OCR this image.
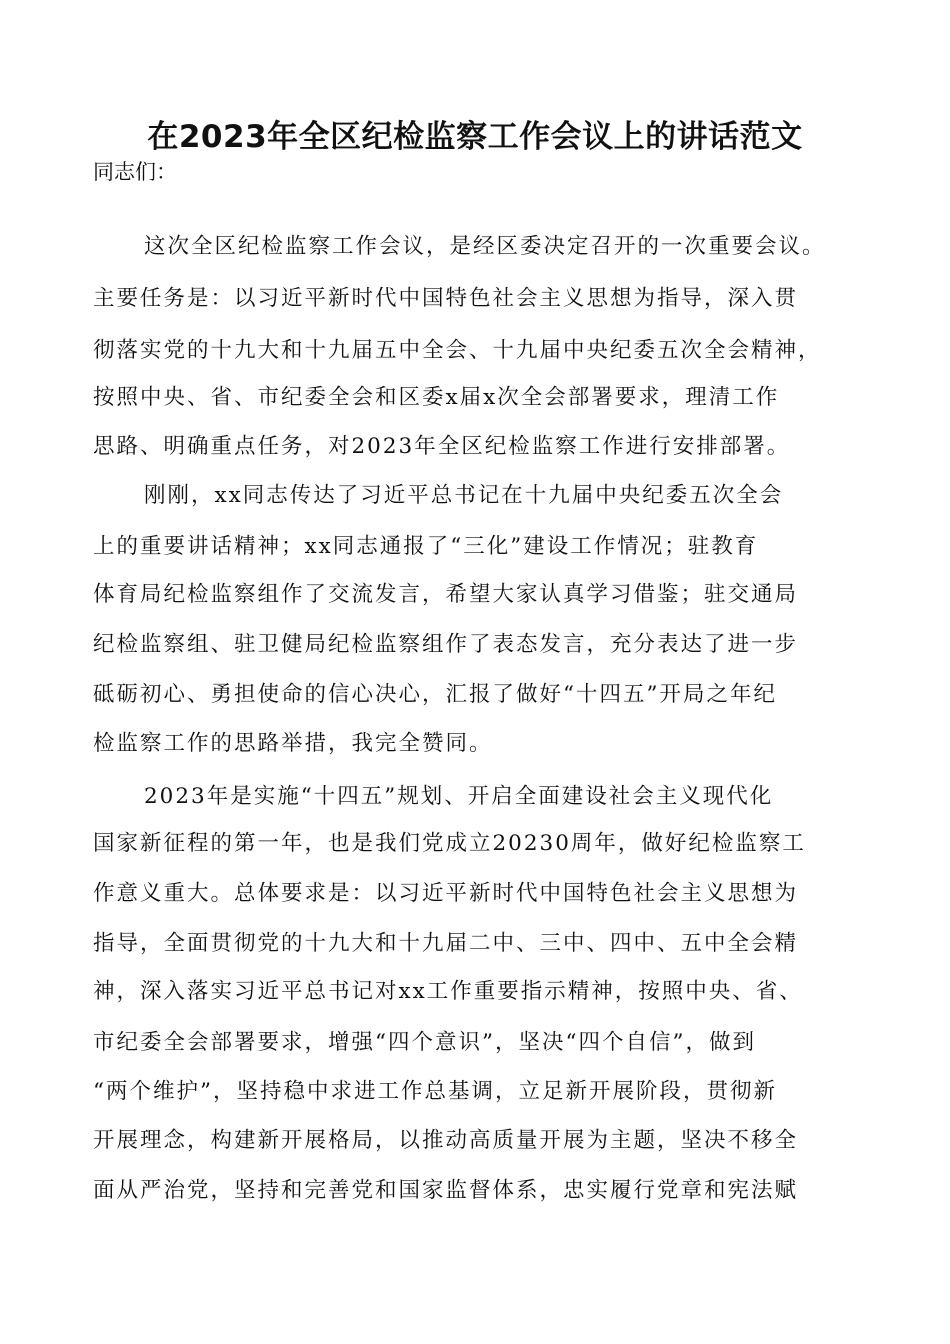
在2023年全区纪检监察工作会议上的讲话范文

同志们：

这次全区纪检监察工作会议，是经区委决定召开的一次重要会议。

主要任务是：以习近平新时代中国特色社会主义思想为指导，深入贯

彻落实党的十九大和十九届五中全会、十九届中央纪委五次全会精神，

按照中央、省、市纪委全会和区委x届x次全会部署要求，理清工作

思路、明确重点任务，对2023年全区纪检监察工作进行安排部署。

刚刚，xx同志传达了习近平总书记在十九届中央纪委五次全会

上的重要讲话精神；xx同志通报了“三化”建设工作情况；驻教育

体育局纪检监察组作了交流发言，希望大家认真学习借鉴；驻交通局

纪检监察组、驻卫健局纪检监察组作了表态发言，充分表达了进一步

砥砺初心、勇担使命的信心决心，汇报了做好“十四五”开局之年纪

检监察工作的思路举措，我完全赞同。

2023年是实施“十四五”规划、开启全面建设社会主义现代化

国家新征程的第一年，也是我们党成立20230周年，做好纪检监察工

作意义重大。总体要求是：以习近平新时代中国特色社会主义思想为

指导，全面贯彻党的十九大和十九届二中、三中、四中、五中全会精

神，深入落实习近平总书记对xx工作重要指示精神，按照中央、省、

市纪委全会部署要求，增强“四个意识”，坚决“四个自信”，做到

“两个维护”，坚持稳中求进工作总基调，立足新开展阶段，贯彻新

开展理念，构建新开展格局，以推动高质量开展为主题，坚决不移全

面从严治党，坚持和完善党和国家监督体系，忠实履行党章和宪法赋
